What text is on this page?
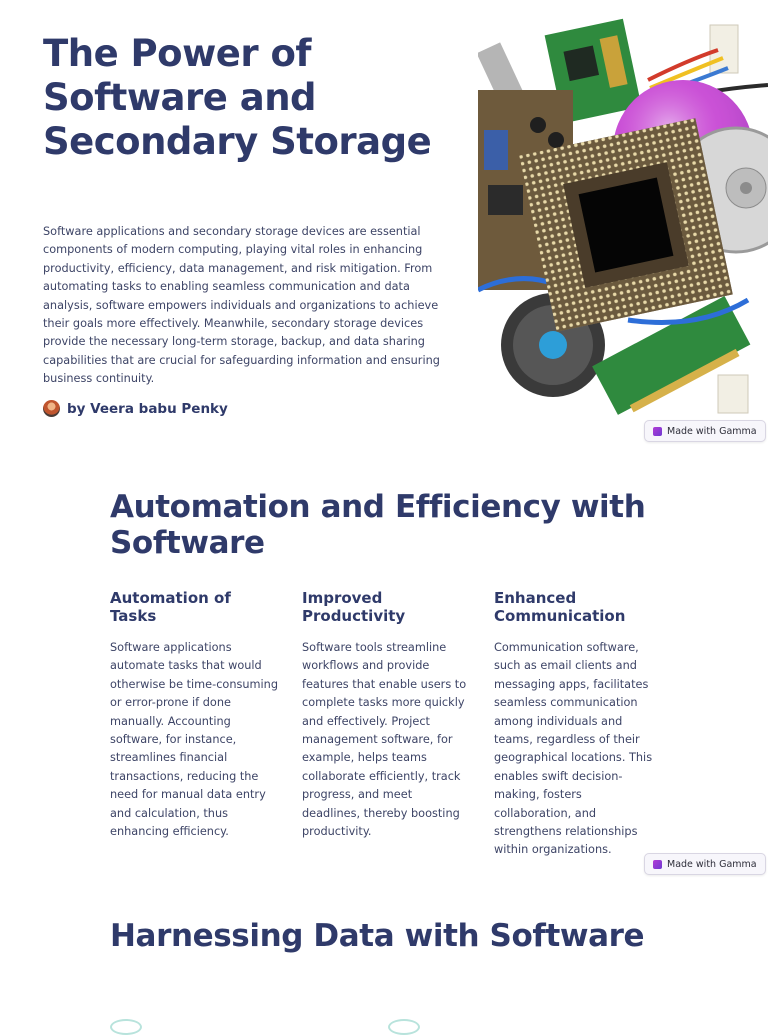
The Power of Software and Secondary Storage

Software applications and secondary storage devices are essential components of modern computing, playing vital roles in enhancing productivity, efficiency, data management, and risk mitigation. From automating tasks to enabling seamless communication and data analysis, software empowers individuals and organizations to achieve their goals more effectively. Meanwhile, secondary storage devices provide the necessary long-term storage, backup, and data sharing capabilities that are crucial for safeguarding information and ensuring business continuity.

by Veera babu Penky
Made with Gamma
Automation and Efficiency with Software
Automation of Tasks

Software applications automate tasks that would otherwise be time-consuming or error-prone if done manually. Accounting software, for instance, streamlines financial transactions, reducing the need for manual data entry and calculation, thus enhancing efficiency.

Improved Productivity

Software tools streamline workflows and provide features that enable users to complete tasks more quickly and effectively. Project management software, for example, helps teams collaborate efficiently, track progress, and meet deadlines, thereby boosting productivity.

Enhanced Communication

Communication software, such as email clients and messaging apps, facilitates seamless communication among individuals and teams, regardless of their geographical locations. This enables swift decision-making, fosters collaboration, and strengthens relationships within organizations.

Made with Gamma
Harnessing Data with Software
